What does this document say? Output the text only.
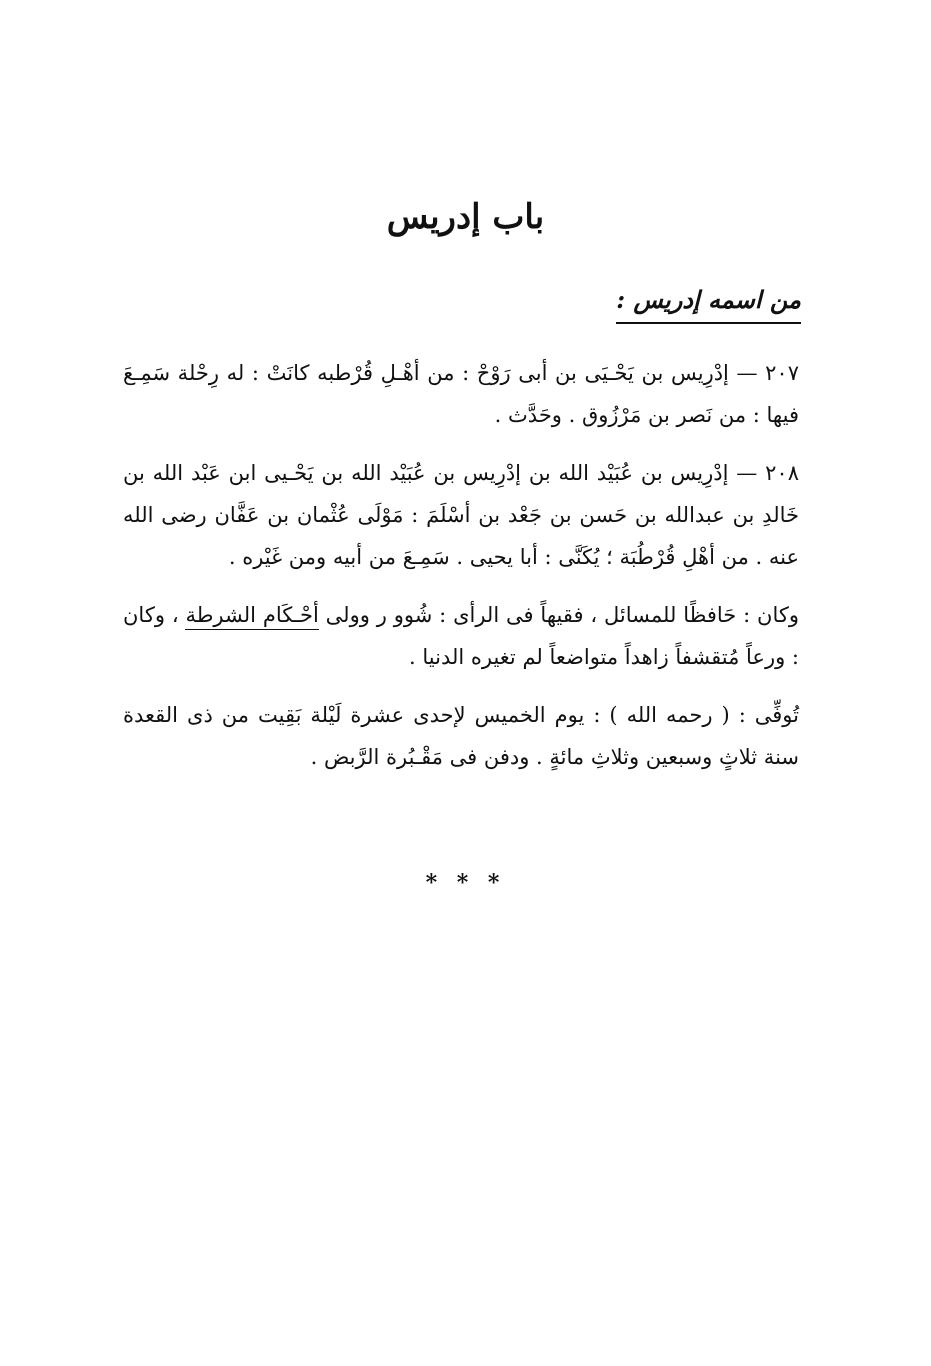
باب إدريس
من اسمه إدريس :

٢٠٧ — إدْرِيس بن يَحْـيَى بن أبى رَوْحْ : من أهْـلِ قُرْطبه كانَتْ : له رِحْلة سَمِـعَ فيها : من نَصر بن مَرْزُوق . وحَدَّث .

٢٠٨ — إدْرِيس بن عُبَيْد الله بن إدْرِيس بن عُبَيْد الله بن يَحْـيى ابن عَبْد الله بن خَالدِ بن عبدالله بن حَسن بن جَعْد بن أسْلَمَ : مَوْلَى عُثْمان بن عَفَّان رضى الله عنه . من أهْلِ قُرْطُبَة ؛ يُكَنَّى : أبا يحيى . سَمِـعَ من أبيه ومن غَيْره .

وكان : حَافظًا للمسائل ، فقيهاً فى الرأى : شُوو ر وولى أحْـكَام الشرطة ، وكان : ورعاً مُتقشفاً زاهداً متواضعاً لم تغيره الدنيا .

تُوفِّى : ( رحمه الله ) : يوم الخميس لإحدى عشرة لَيْلة بَقِيت من ذى القعدة سنة ثلاثٍ وسبعين وثلاثِ مائةٍ . ودفن فى مَقْـبُرة الرَّبض .

* * *
